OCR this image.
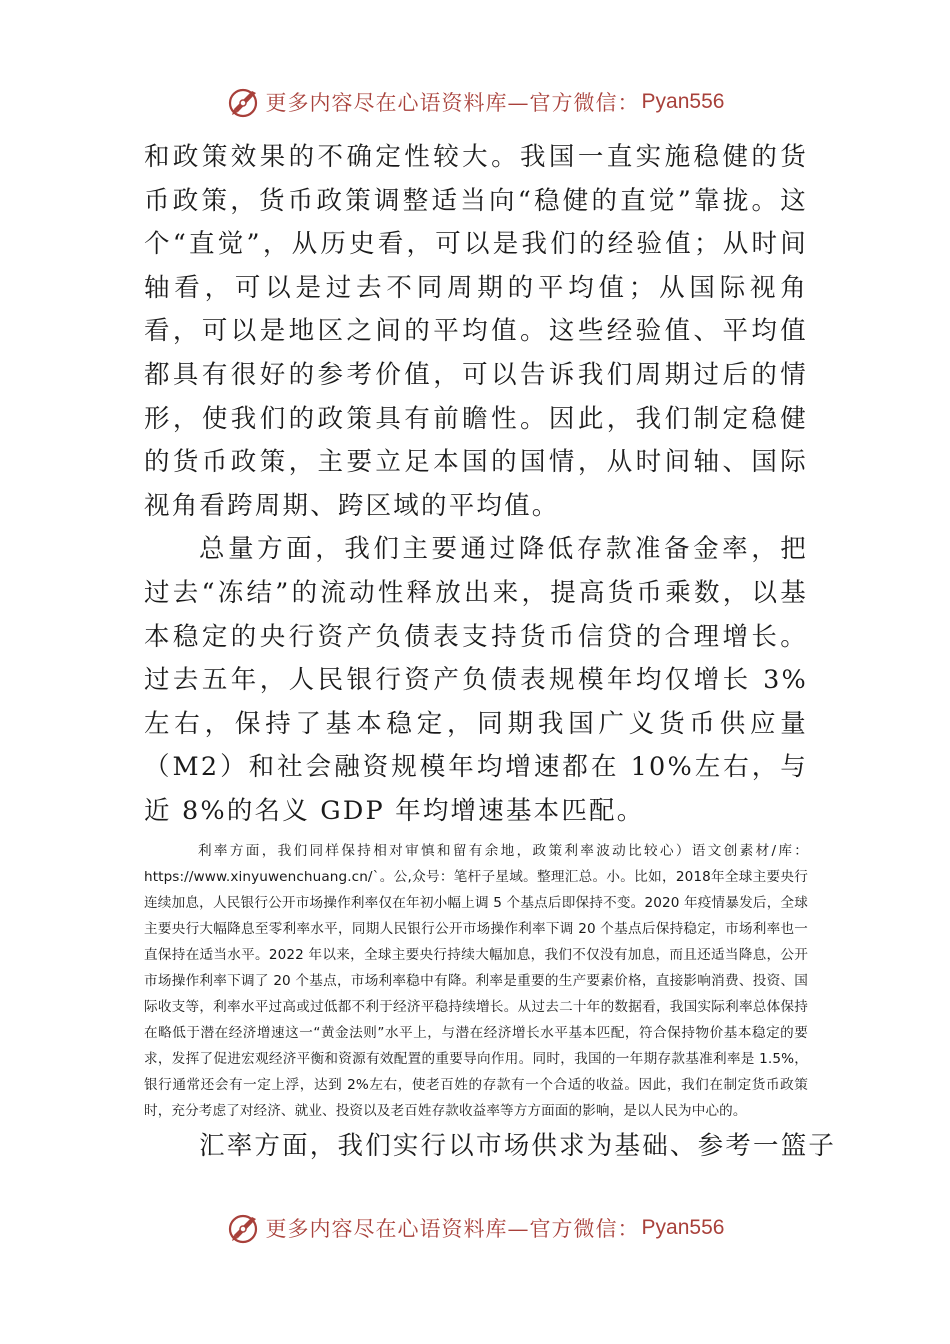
更多内容尽在心语资料库—官方微信： Pyan556

和政策效果的不确定性较大。我国一直实施稳健的货币政策，货币政策调整适当向“稳健的直觉”靠拢。这个“直觉”，从历史看，可以是我们的经验值；从时间轴看，可以是过去不同周期的平均值；从国际视角看，可以是地区之间的平均值。这些经验值、平均值都具有很好的参考价值，可以告诉我们周期过后的情形，使我们的政策具有前瞻性。因此，我们制定稳健的货币政策，主要立足本国的国情，从时间轴、国际视角看跨周期、跨区域的平均值。

总量方面，我们主要通过降低存款准备金率，把过去“冻结”的流动性释放出来，提高货币乘数，以基本稳定的央行资产负债表支持货币信贷的合理增长。过去五年，人民银行资产负债表规模年均仅增长 3%左右，保持了基本稳定，同期我国广义货币供应量（M2）和社会融资规模年均增速都在 10%左右，与近 8%的名义 GDP 年均增速基本匹配。

利率方面，我们同样保持相对审慎和留有余地，政策利率波动比较心）语文创素材/库：https://www.xinyuwenchuang.cn/`。公,众号：笔杆子星域。整理汇总。小。比如，2018年全球主要央行连续加息，人民银行公开市场操作利率仅在年初小幅上调 5 个基点后即保持不变。2020 年疫情暴发后，全球主要央行大幅降息至零利率水平，同期人民银行公开市场操作利率下调 20 个基点后保持稳定，市场利率也一直保持在适当水平。2022 年以来，全球主要央行持续大幅加息，我们不仅没有加息，而且还适当降息，公开市场操作利率下调了 20 个基点，市场利率稳中有降。利率是重要的生产要素价格，直接影响消费、投资、国际收支等，利率水平过高或过低都不利于经济平稳持续增长。从过去二十年的数据看，我国实际利率总体保持在略低于潜在经济增速这一“黄金法则”水平上，与潜在经济增长水平基本匹配，符合保持物价基本稳定的要求，发挥了促进宏观经济平衡和资源有效配置的重要导向作用。同时，我国的一年期存款基准利率是 1.5%，银行通常还会有一定上浮，达到 2%左右，使老百姓的存款有一个合适的收益。因此，我们在制定货币政策时，充分考虑了对经济、就业、投资以及老百姓存款收益率等方方面面的影响，是以人民为中心的。

汇率方面，我们实行以市场供求为基础、参考一篮子

更多内容尽在心语资料库—官方微信： Pyan556
